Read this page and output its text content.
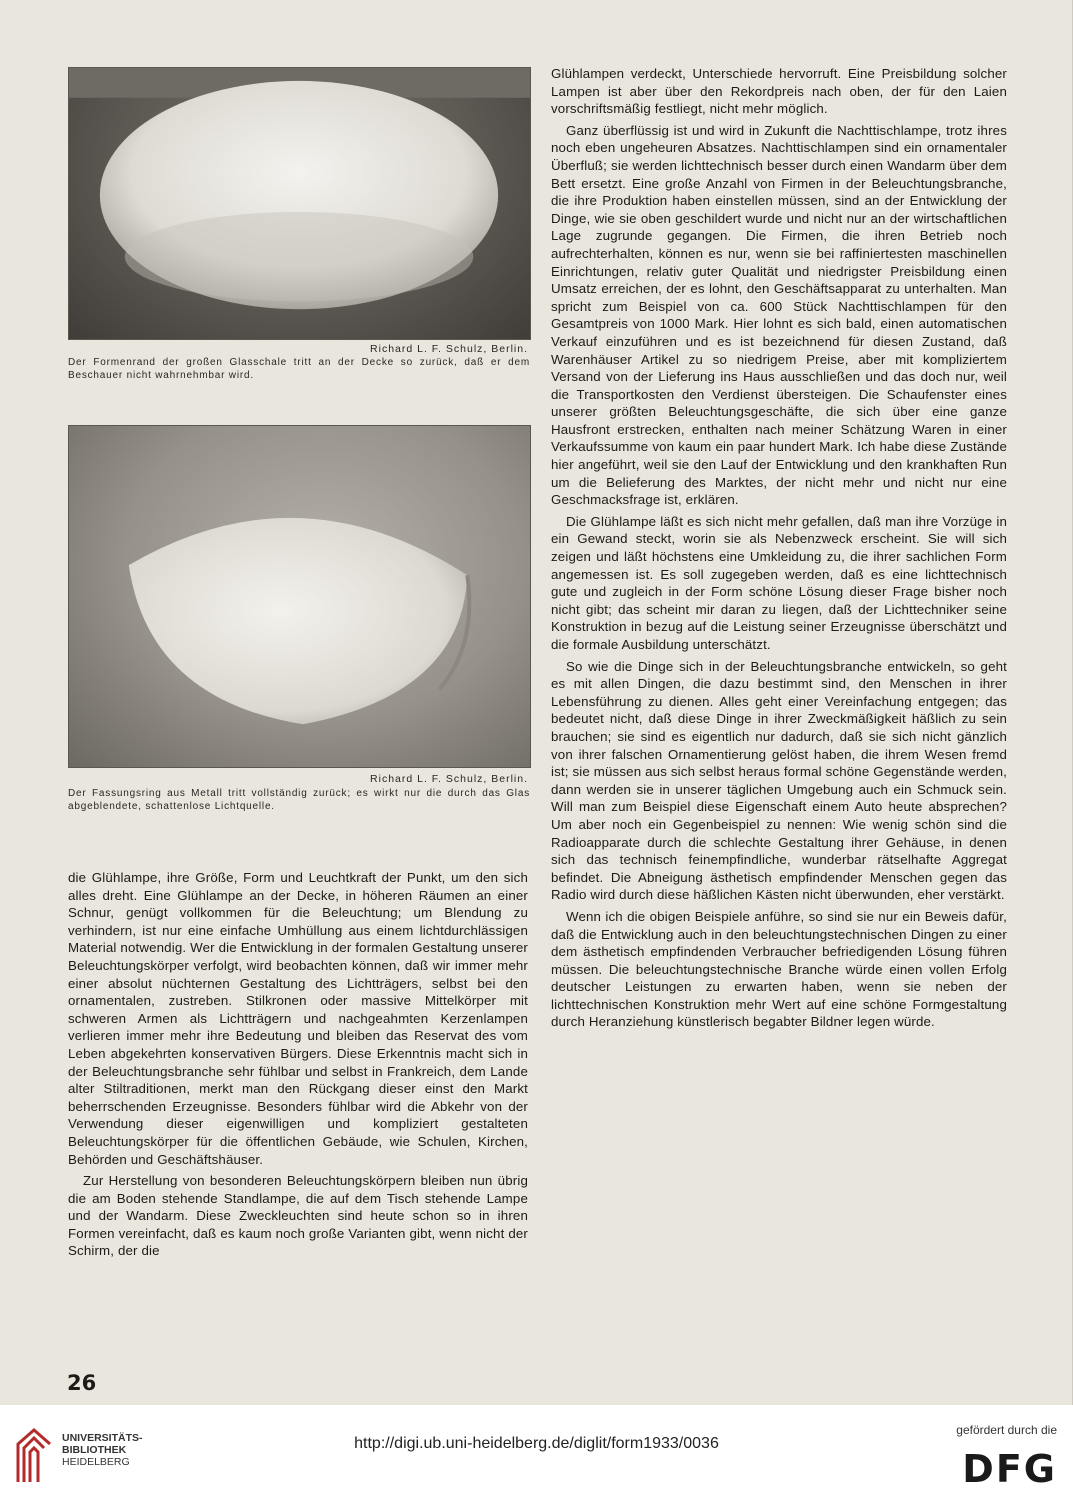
Richard L. F. Schulz, Berlin.
Der Formenrand der großen Glasschale tritt an der Decke so zurück, daß er dem Beschauer nicht wahrnehmbar wird.
Richard L. F. Schulz, Berlin.
Der Fassungsring aus Metall tritt vollständig zurück; es wirkt nur die durch das Glas abgeblendete, schattenlose Lichtquelle.

die Glühlampe, ihre Größe, Form und Leuchtkraft der Punkt, um den sich alles dreht. Eine Glühlampe an der Decke, in höheren Räumen an einer Schnur, genügt vollkommen für die Beleuchtung; um Blendung zu verhindern, ist nur eine einfache Umhüllung aus einem lichtdurchlässigen Material notwendig. Wer die Entwicklung in der formalen Gestaltung unserer Beleuchtungskörper verfolgt, wird beobachten können, daß wir immer mehr einer absolut nüchternen Gestaltung des Lichtträgers, selbst bei den ornamentalen, zustreben. Stilkronen oder massive Mittelkörper mit schweren Armen als Lichtträgern und nachgeahmten Kerzenlampen verlieren immer mehr ihre Bedeutung und bleiben das Reservat des vom Leben abgekehrten konservativen Bürgers. Diese Erkenntnis macht sich in der Beleuchtungsbranche sehr fühlbar und selbst in Frankreich, dem Lande alter Stiltraditionen, merkt man den Rückgang dieser einst den Markt beherrschenden Erzeugnisse. Besonders fühlbar wird die Abkehr von der Verwendung dieser eigenwilligen und kompliziert gestalteten Beleuchtungskörper für die öffentlichen Gebäude, wie Schulen, Kirchen, Behörden und Geschäftshäuser.

Zur Herstellung von besonderen Beleuchtungskörpern bleiben nun übrig die am Boden stehende Standlampe, die auf dem Tisch stehende Lampe und der Wandarm. Diese Zweckleuchten sind heute schon so in ihren Formen vereinfacht, daß es kaum noch große Varianten gibt, wenn nicht der Schirm, der die

Glühlampen verdeckt, Unterschiede hervorruft. Eine Preisbildung solcher Lampen ist aber über den Rekordpreis nach oben, der für den Laien vorschriftsmäßig festliegt, nicht mehr möglich.

Ganz überflüssig ist und wird in Zukunft die Nachttischlampe, trotz ihres noch eben ungeheuren Absatzes. Nachttischlampen sind ein ornamentaler Überfluß; sie werden lichttechnisch besser durch einen Wandarm über dem Bett ersetzt. Eine große Anzahl von Firmen in der Beleuchtungsbranche, die ihre Produktion haben einstellen müssen, sind an der Entwicklung der Dinge, wie sie oben geschildert wurde und nicht nur an der wirtschaftlichen Lage zugrunde gegangen. Die Firmen, die ihren Betrieb noch aufrechterhalten, können es nur, wenn sie bei raffiniertesten maschinellen Einrichtungen, relativ guter Qualität und niedrigster Preisbildung einen Umsatz erreichen, der es lohnt, den Geschäftsapparat zu unterhalten. Man spricht zum Beispiel von ca. 600 Stück Nachttischlampen für den Gesamtpreis von 1000 Mark. Hier lohnt es sich bald, einen automatischen Verkauf einzuführen und es ist bezeichnend für diesen Zustand, daß Warenhäuser Artikel zu so niedrigem Preise, aber mit kompliziertem Versand von der Lieferung ins Haus ausschließen und das doch nur, weil die Transportkosten den Verdienst übersteigen. Die Schaufenster eines unserer größten Beleuchtungsgeschäfte, die sich über eine ganze Hausfront erstrecken, enthalten nach meiner Schätzung Waren in einer Verkaufssumme von kaum ein paar hundert Mark. Ich habe diese Zustände hier angeführt, weil sie den Lauf der Entwicklung und den krankhaften Run um die Belieferung des Marktes, der nicht mehr und nicht nur eine Geschmacksfrage ist, erklären.

Die Glühlampe läßt es sich nicht mehr gefallen, daß man ihre Vorzüge in ein Gewand steckt, worin sie als Nebenzweck erscheint. Sie will sich zeigen und läßt höchstens eine Umkleidung zu, die ihrer sachlichen Form angemessen ist. Es soll zugegeben werden, daß es eine lichttechnisch gute und zugleich in der Form schöne Lösung dieser Frage bisher noch nicht gibt; das scheint mir daran zu liegen, daß der Lichttechniker seine Konstruktion in bezug auf die Leistung seiner Erzeugnisse überschätzt und die formale Ausbildung unterschätzt.

So wie die Dinge sich in der Beleuchtungsbranche entwickeln, so geht es mit allen Dingen, die dazu bestimmt sind, den Menschen in ihrer Lebensführung zu dienen. Alles geht einer Vereinfachung entgegen; das bedeutet nicht, daß diese Dinge in ihrer Zweckmäßigkeit häßlich zu sein brauchen; sie sind es eigentlich nur dadurch, daß sie sich nicht gänzlich von ihrer falschen Ornamentierung gelöst haben, die ihrem Wesen fremd ist; sie müssen aus sich selbst heraus formal schöne Gegenstände werden, dann werden sie in unserer täglichen Umgebung auch ein Schmuck sein. Will man zum Beispiel diese Eigenschaft einem Auto heute absprechen? Um aber noch ein Gegenbeispiel zu nennen: Wie wenig schön sind die Radioapparate durch die schlechte Gestaltung ihrer Gehäuse, in denen sich das technisch feinempfindliche, wunderbar rätselhafte Aggregat befindet. Die Abneigung ästhetisch empfindender Menschen gegen das Radio wird durch diese häßlichen Kästen nicht überwunden, eher verstärkt.

Wenn ich die obigen Beispiele anführe, so sind sie nur ein Beweis dafür, daß die Entwicklung auch in den beleuchtungstechnischen Dingen zu einer dem ästhetisch empfindenden Verbraucher befriedigenden Lösung führen müssen. Die beleuchtungstechnische Branche würde einen vollen Erfolg deutscher Leistungen zu erwarten haben, wenn sie neben der lichttechnischen Konstruktion mehr Wert auf eine schöne Formgestaltung durch Heranziehung künstlerisch begabter Bildner legen würde.

26
UNIVERSITÄTS-
BIBLIOTHEK
HEIDELBERG
http://digi.ub.uni-heidelberg.de/diglit/form1933/0036
gefördert durch die
DFG
